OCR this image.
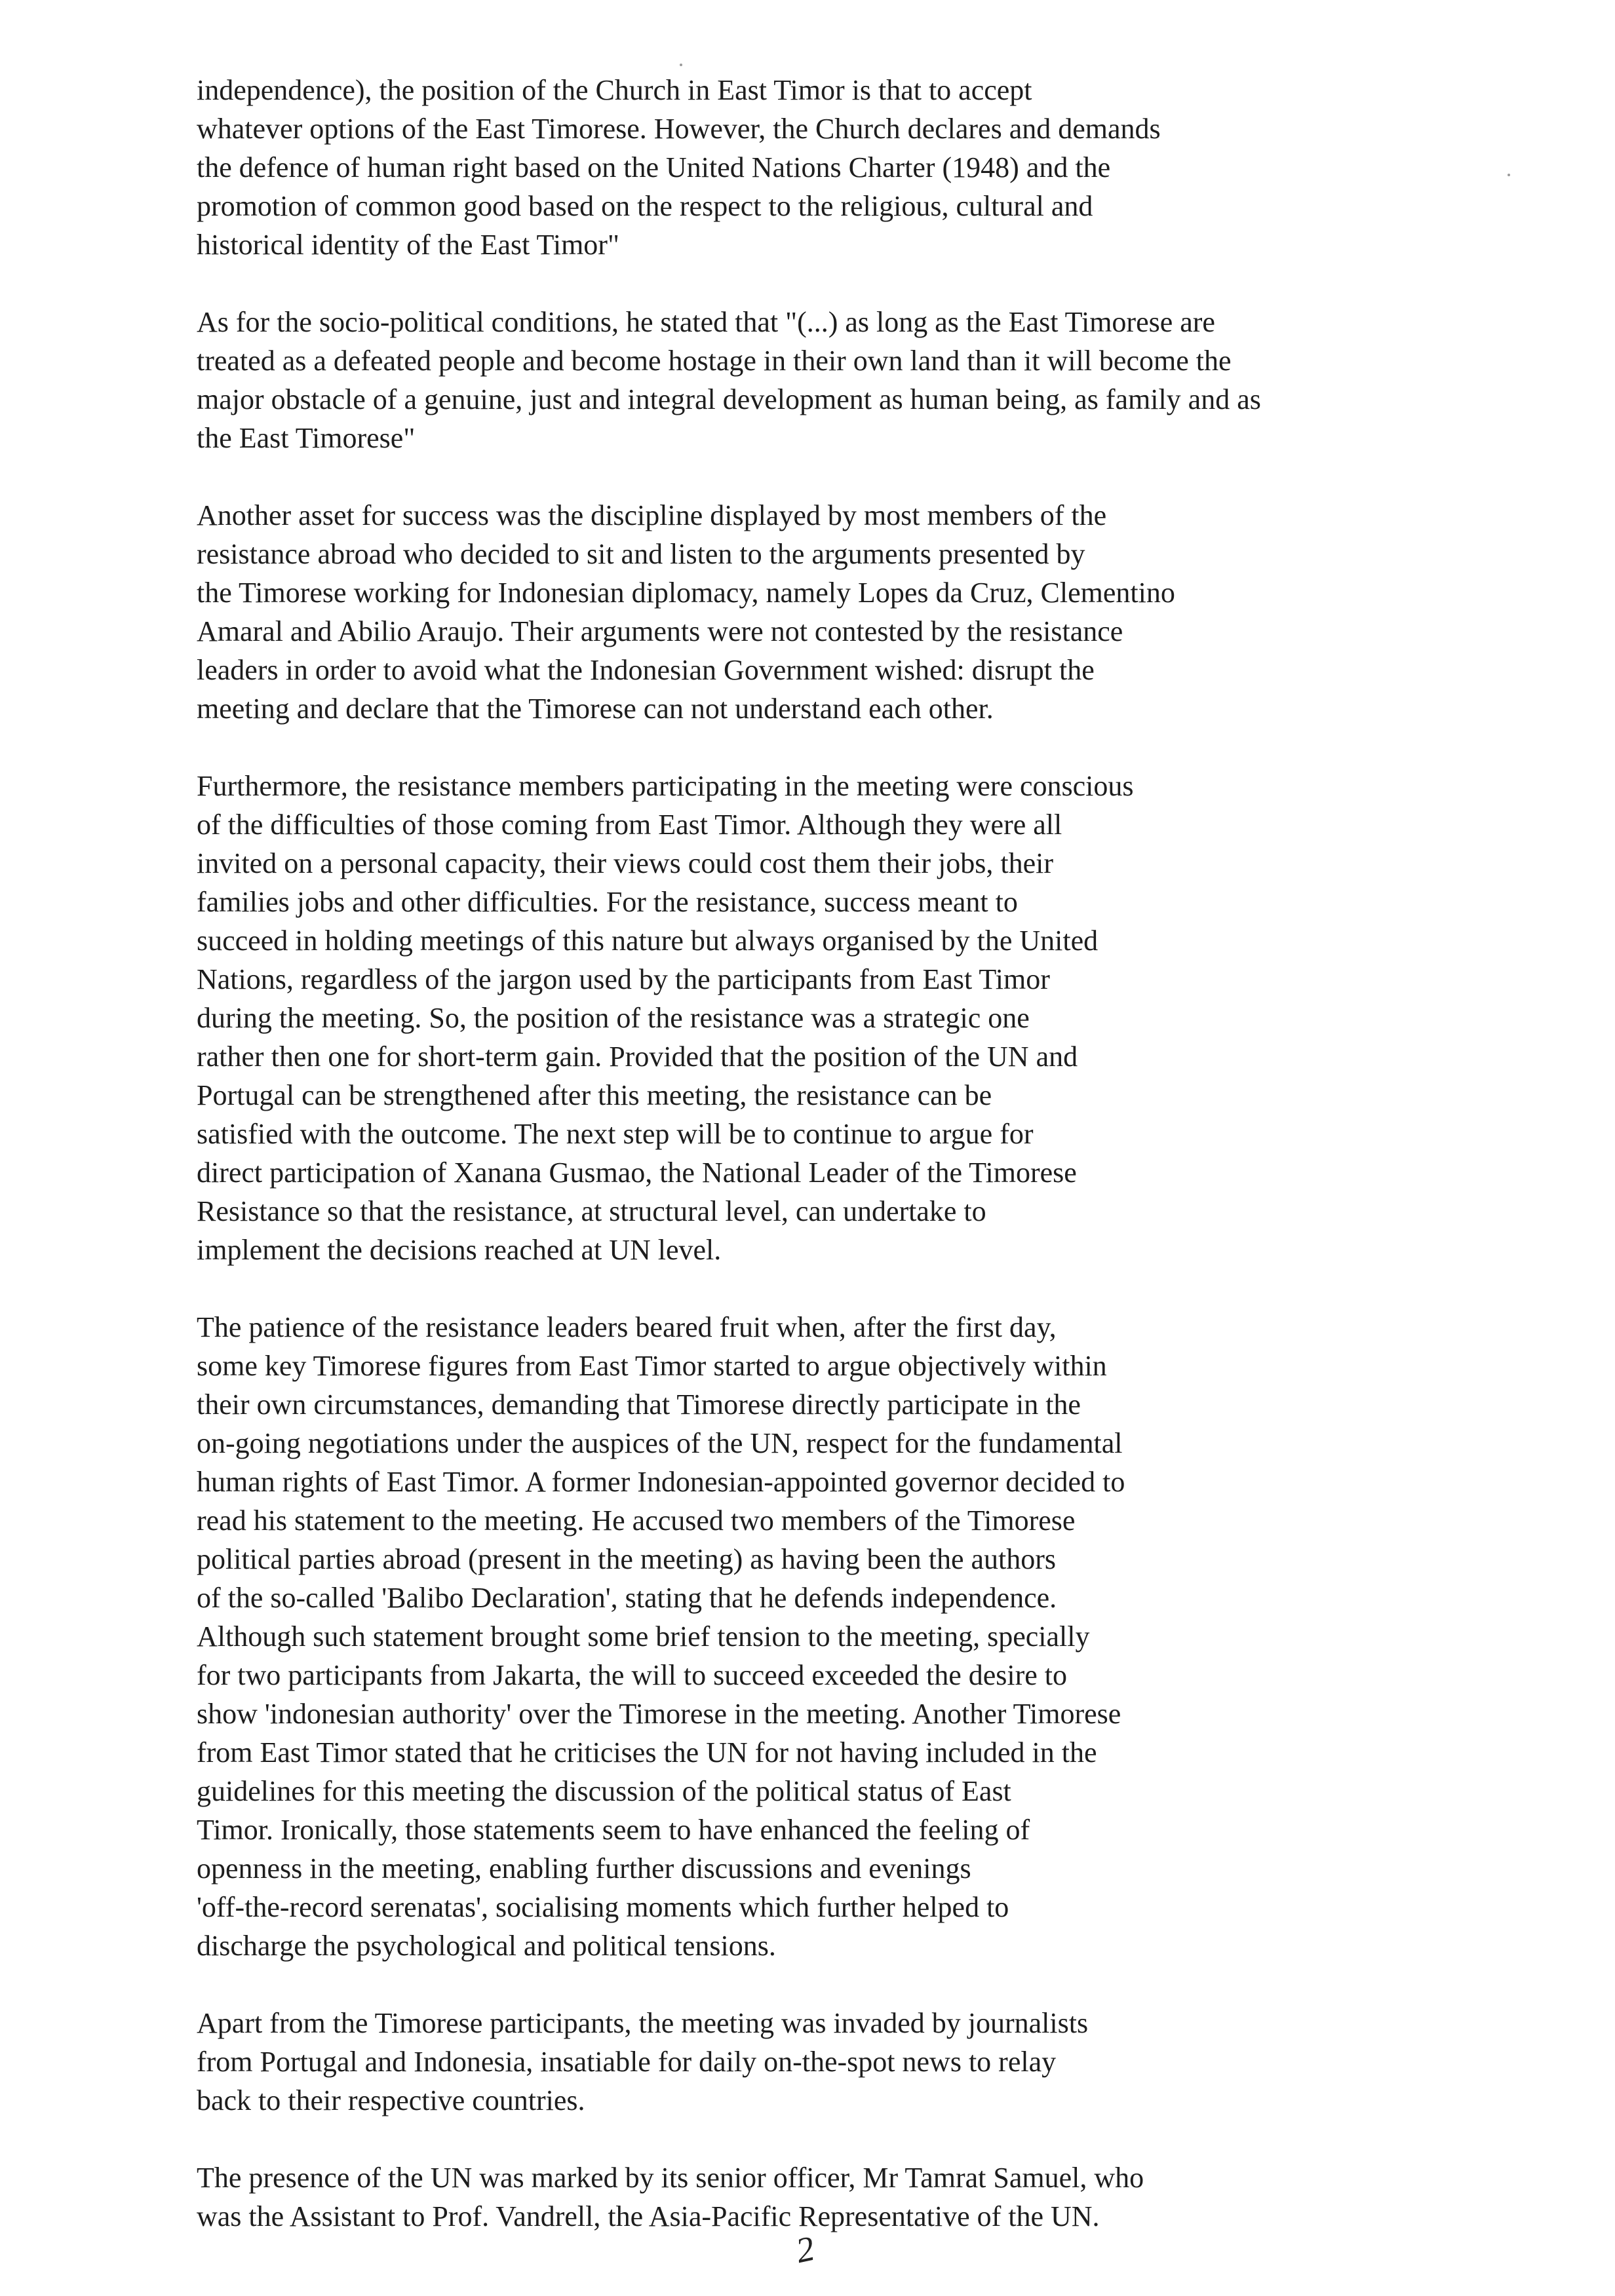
independence), the position of the Church in East Timor is that to accept
whatever options of the East Timorese. However, the Church declares and demands
the defence of human right based on the United Nations Charter (1948) and the
promotion of common good based on the respect to the religious, cultural and
historical identity of the East Timor"
As for the socio-political conditions, he stated that "(...) as long as the East Timorese are
treated as a defeated people and become hostage in their own land than it will become the
major obstacle of a genuine, just and integral development as human being, as family and as
the East Timorese"
Another asset for success was the discipline displayed by most members of the
resistance abroad who decided to sit and listen to the arguments presented by
the Timorese working for Indonesian diplomacy, namely Lopes da Cruz, Clementino
Amaral and Abilio Araujo. Their arguments were not contested by the resistance
leaders in order to avoid what the Indonesian Government wished: disrupt the
meeting and declare that the Timorese can not understand each other.
Furthermore, the resistance members participating in the meeting were conscious
of the difficulties of those coming from East Timor. Although they were all
invited on a personal capacity, their views could cost them their jobs, their
families jobs and other difficulties. For the resistance, success meant to
succeed in holding meetings of this nature but always organised by the United
Nations, regardless of the jargon used by the participants from East Timor
during the meeting. So, the position of the resistance was a strategic one
rather then one for short-term gain. Provided that the position of the UN and
Portugal can be strengthened after this meeting, the resistance can be
satisfied with the outcome. The next step will be to continue to argue for
direct participation of Xanana Gusmao, the National Leader of the Timorese
Resistance so that the resistance, at structural level, can undertake to
implement the decisions reached at UN level.
The patience of the resistance leaders beared fruit when, after the first day,
some key Timorese figures from East Timor started to argue objectively within
their own circumstances, demanding that Timorese directly participate in the
on-going negotiations under the auspices of the UN, respect for the fundamental
human rights of East Timor. A former Indonesian-appointed governor decided to
read his statement to the meeting. He accused two members of the Timorese
political parties abroad (present in the meeting) as having been the authors
of the so-called 'Balibo Declaration', stating that he defends independence.
Although such statement brought some brief tension to the meeting, specially
for two participants from Jakarta, the will to succeed exceeded the desire to
show 'indonesian authority' over the Timorese in the meeting. Another Timorese
from East Timor stated that he criticises the UN for not having included in the
guidelines for this meeting the discussion of the political status of East
Timor. Ironically, those statements seem to have enhanced the feeling of
openness in the meeting, enabling further discussions and evenings
'off-the-record serenatas', socialising moments which further helped to
discharge the psychological and political tensions.
Apart from the Timorese participants, the meeting was invaded by journalists
from Portugal and Indonesia, insatiable for daily on-the-spot news to relay
back to their respective countries.
The presence of the UN was marked by its senior officer, Mr Tamrat Samuel, who
was the Assistant to Prof. Vandrell, the Asia-Pacific Representative of the UN.
2
